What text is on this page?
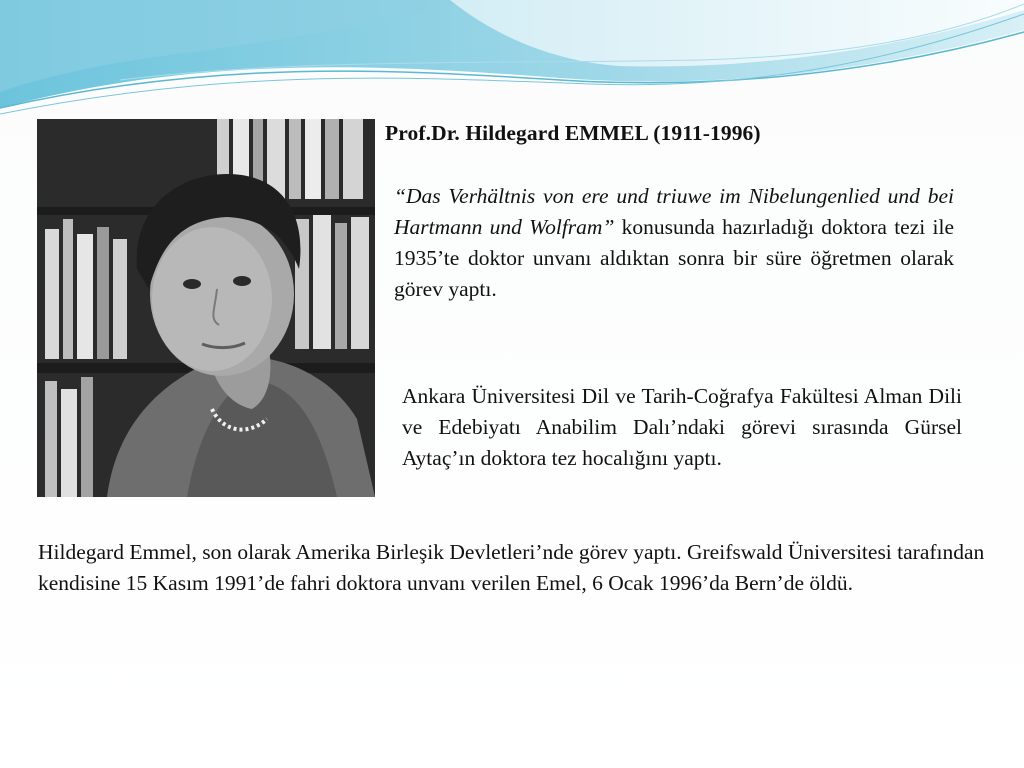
Prof.Dr. Hildegard EMMEL (1911-1996)

“Das Verhältnis von ere und triuwe im Nibelungenlied und bei Hartmann und Wolfram” konusunda hazırladığı doktora tezi ile 1935’te doktor unvanı aldıktan sonra bir süre öğretmen olarak görev yaptı.

Ankara Üniversitesi Dil ve Tarih-Coğrafya Fakültesi Alman Dili ve Edebiyatı Anabilim Dalı’ndaki görevi sırasında Gürsel Aytaç’ın doktora tez hocalığını yaptı.

Hildegard Emmel, son olarak Amerika Birleşik Devletleri’nde görev yaptı. Greifswald Üniversitesi tarafından kendisine 15 Kasım 1991’de fahri doktora unvanı verilen Emel, 6 Ocak 1996’da Bern’de öldü.
